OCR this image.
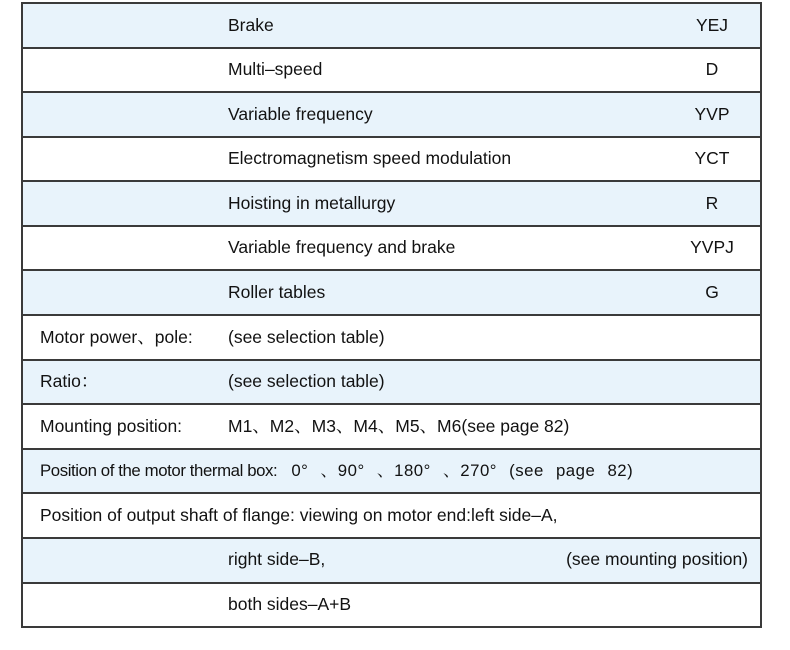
Brake	YEJ
Multi–speed	D
Variable frequency	YVP
Electromagnetism speed modulation	YCT
Hoisting in metallurgy	R
Variable frequency and brake	YVPJ
Roller tables	G
Motor power、pole: (see selection table)
Ratio：	(see selection table)
Mounting position:	M1、M2、M3、M4、M5、M6(see page 82)
Position of the motor thermal box: 0° 、90° 、180° 、270° (see page 82)
Position of output shaft of flange: viewing on motor end:left side–A,
right side–B,	(see mounting position)
both sides–A+B
